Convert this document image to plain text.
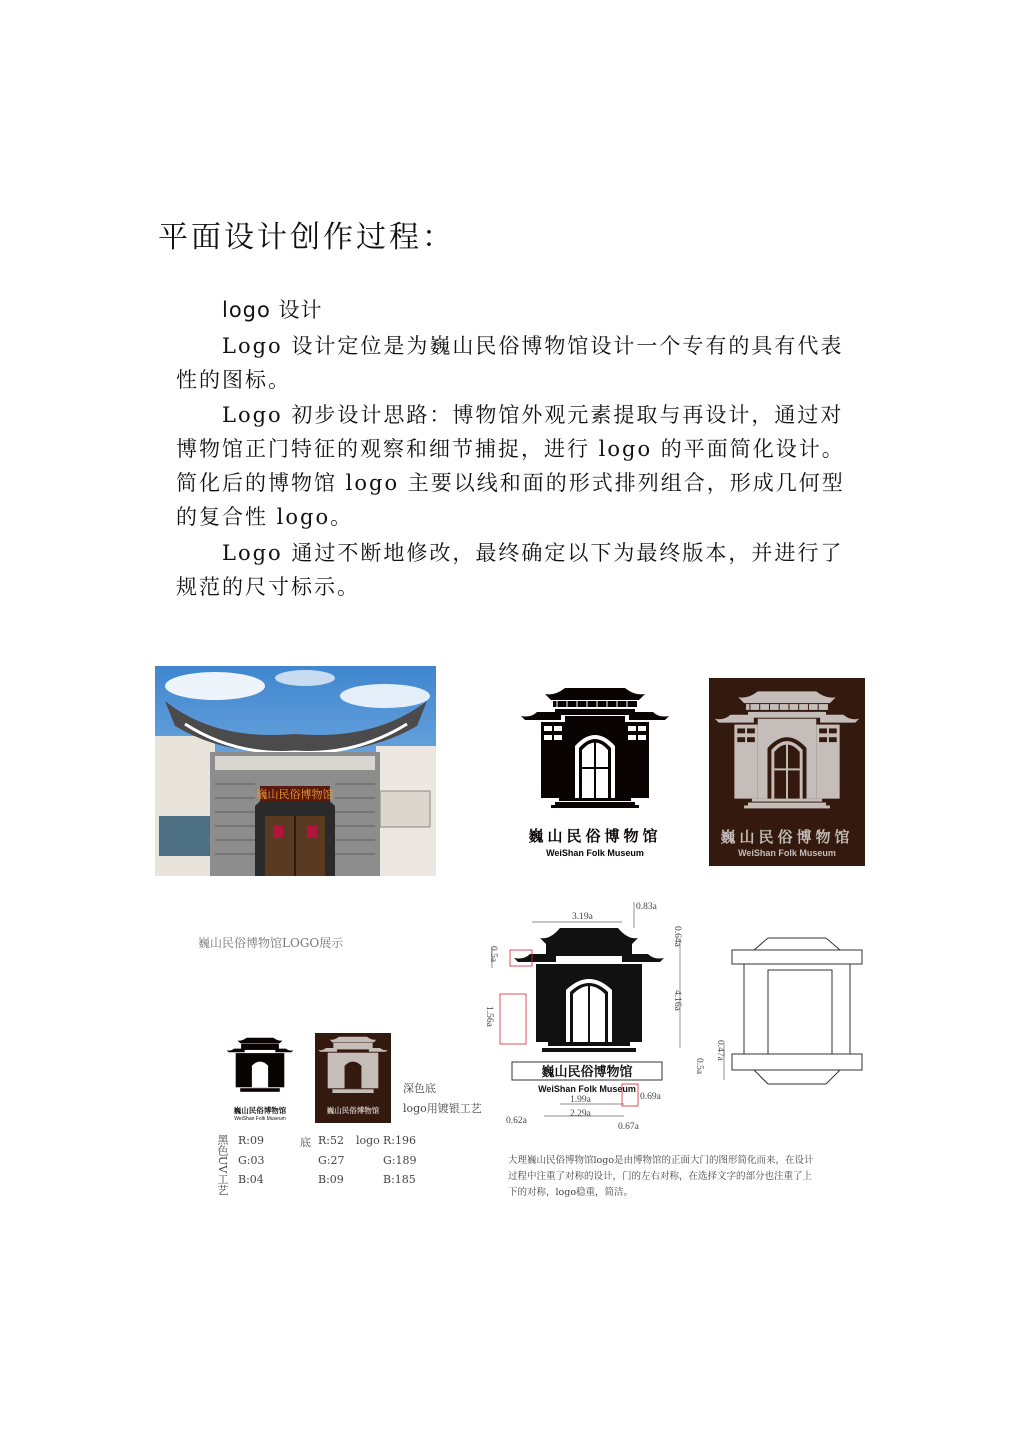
平面设计创作过程：
logo 设计
Logo 设计定位是为巍山民俗博物馆设计一个专有的具有代表性的图标。
Logo 初步设计思路：博物馆外观元素提取与再设计，通过对博物馆正门特征的观察和细节捕捉，进行 logo 的平面简化设计。简化后的博物馆 logo 主要以线和面的形式排列组合，形成几何型的复合性 logo。
Logo 通过不断地修改，最终确定以下为最终版本，并进行了规范的尺寸标示。
巍山民俗博物馆
巍山民俗博物馆
WeiShan Folk Museum
巍山民俗博物馆
WeiShan Folk Museum
巍山民俗博物馆LOGO展示
巍山民俗博物馆
WeiShan Folk Museum
巍山民俗博物馆
深色底
logo用镀银工艺
黑色UV工艺 R:09
G:03
B:04
底 R:52
G:27
B:09
logo R:196
G:189
B:185
巍山民俗博物馆
WeiShan Folk Museum
0.83a
3.19a
0.64a
0.5a
4.16a
1.56a
0.47a
0.5a
0.69a
1.99a
2.29a
0.62a
0.67a
大理巍山民俗博物馆logo是由博物馆的正面大门的图形简化而来，在设计
过程中注重了对称的设计，门的左右对称，在选择文字的部分也注重了上
下的对称，logo稳重，简洁。
